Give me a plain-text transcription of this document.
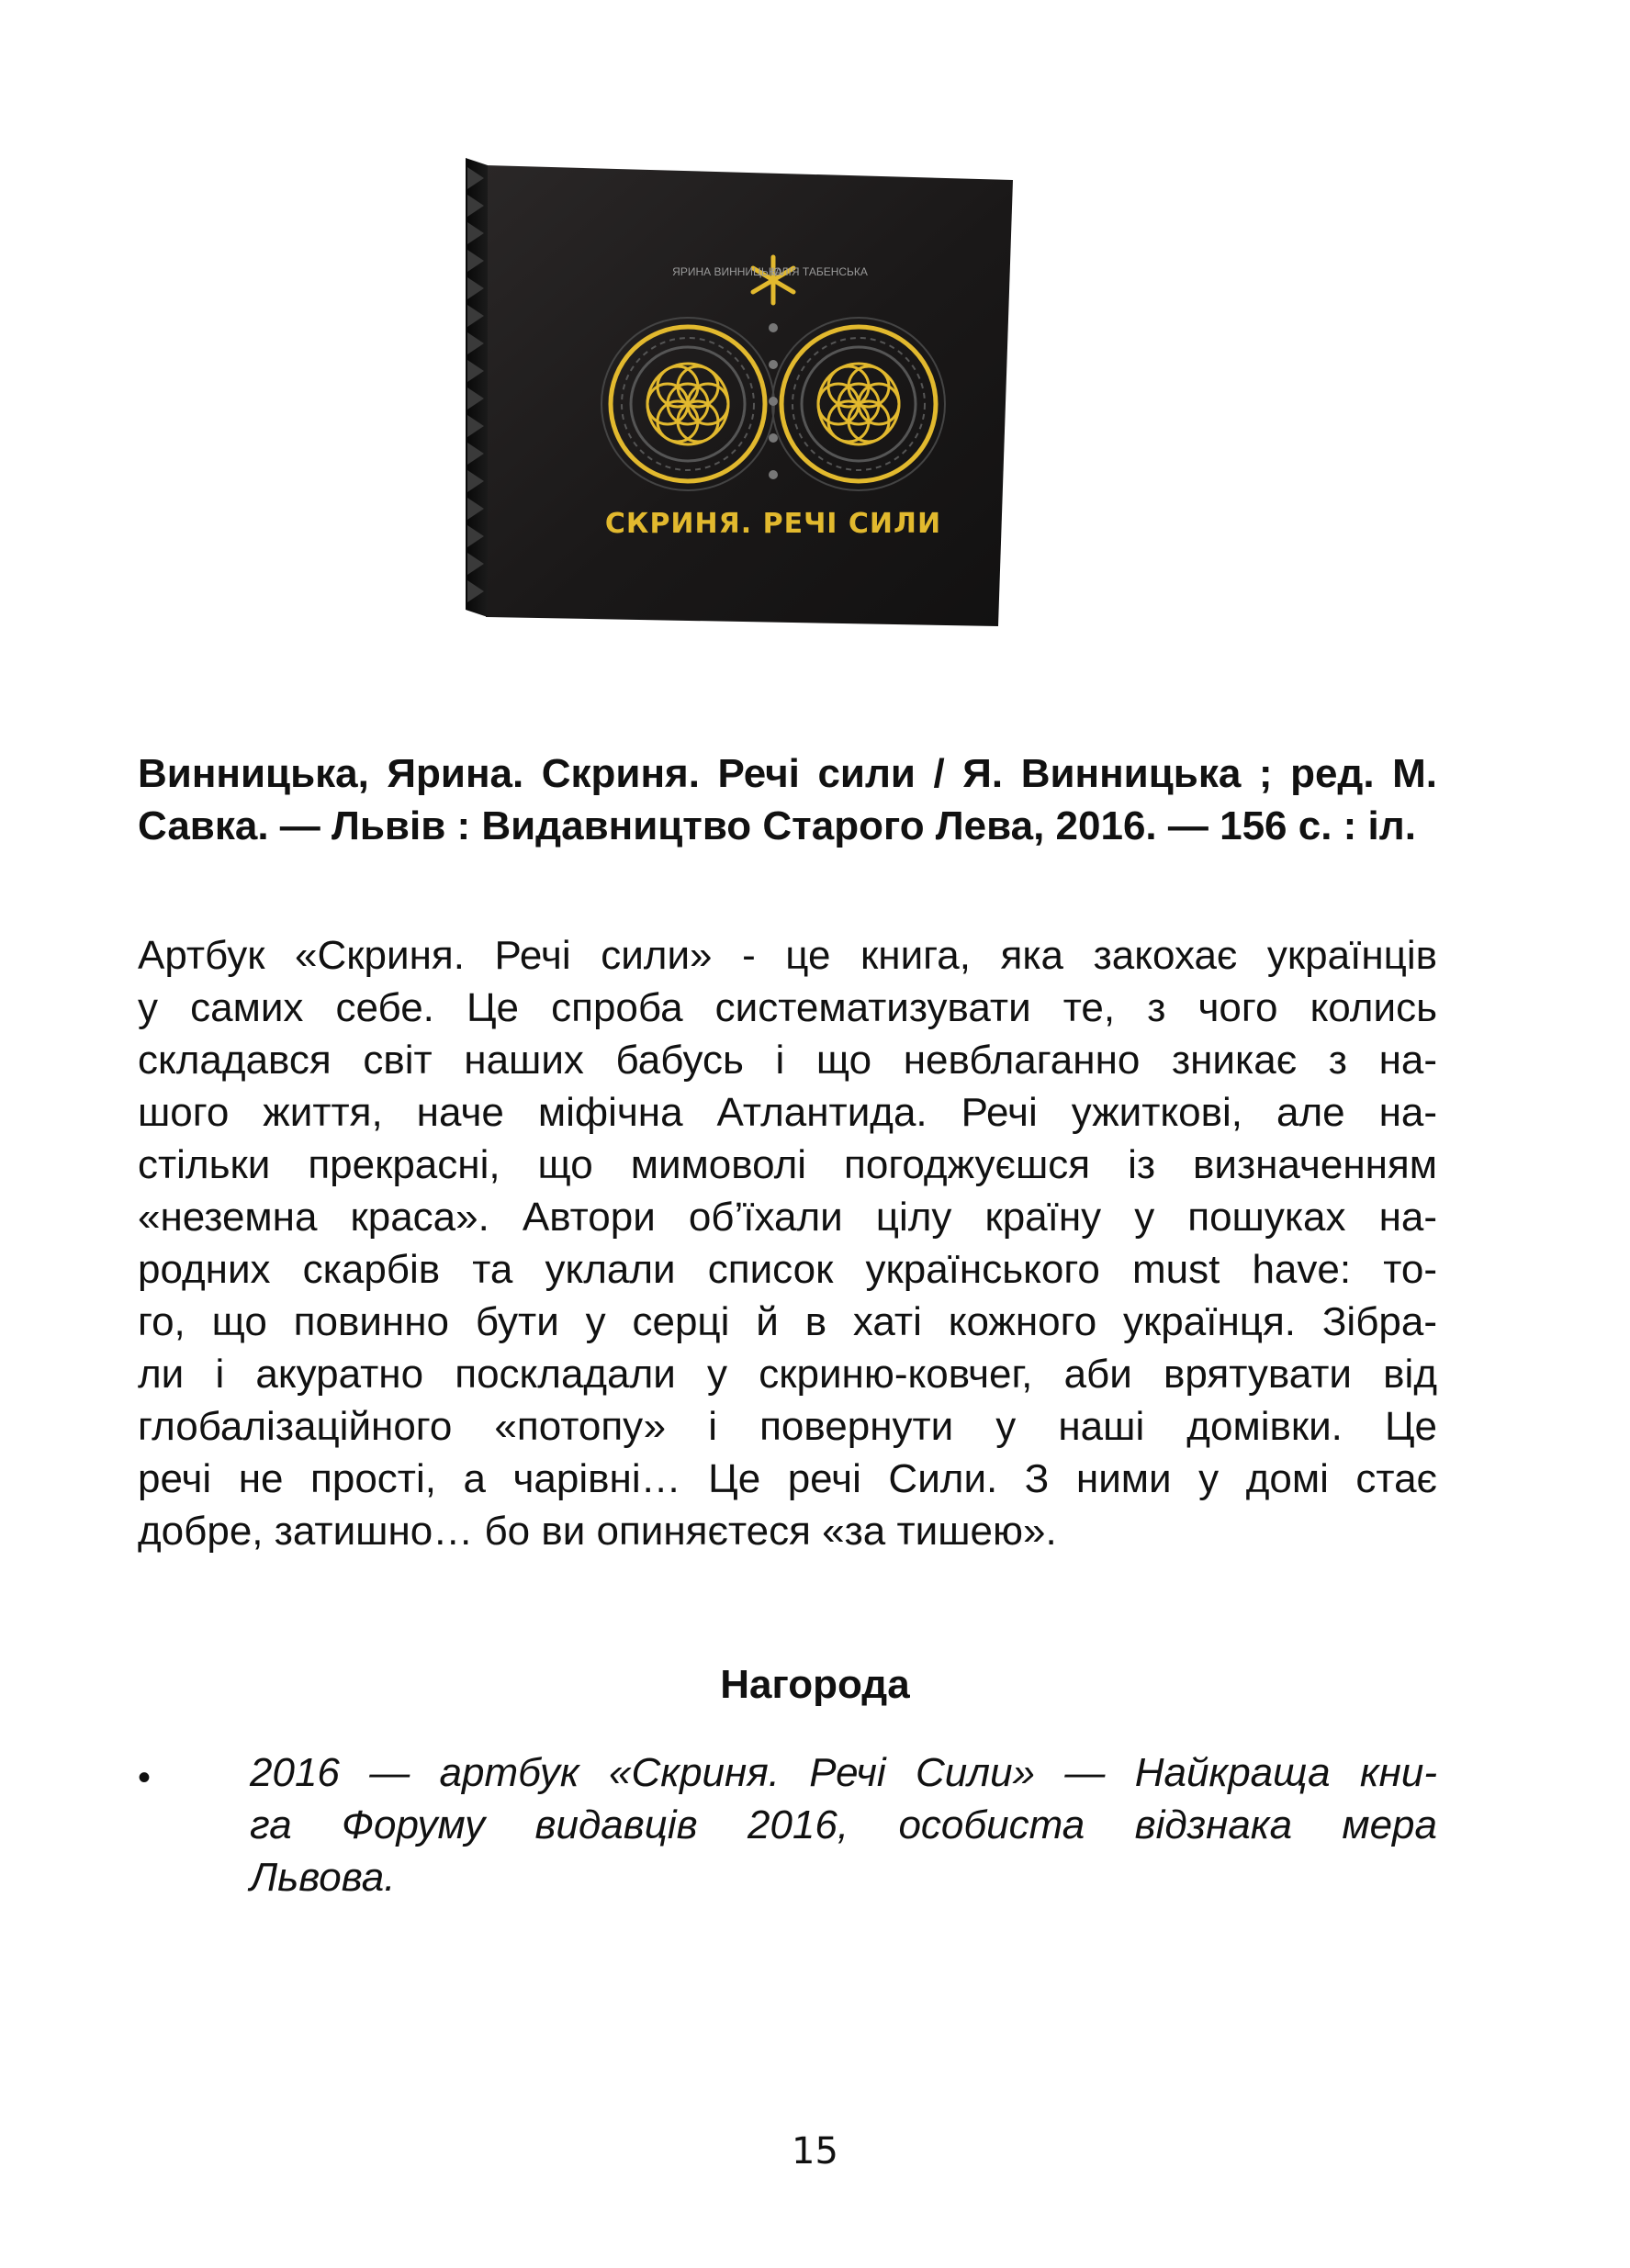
ЯРИНА ВИННИЦЬКА
ЮЛІЯ ТАБЕНСЬКА
СКРИНЯ. РЕЧІ СИЛИ

Винницька, Ярина. Скриня. Речі сили / Я. Винницька ; ред. М. Савка. — Львів : Видавництво Старого Лева, 2016. — 156 с. : іл.

Артбук «Скриня. Речі сили» - це книга, яка закохає українців
у самих себе. Це спроба систематизувати те, з чого колись
складався світ наших бабусь і що невблаганно зникає з на-
шого життя, наче міфічна Атлантида. Речі ужиткові, але на-
стільки прекрасні, що мимоволі погоджуєшся із визначенням
«неземна краса». Автори об’їхали цілу країну у пошуках на-
родних скарбів та уклали список українського must have: то-
го, що повинно бути у серці й в хаті кожного українця. Зібра-
ли і акуратно поскладали у скриню-ковчег, аби врятувати від
глобалізаційного «потопу» і повернути у наші домівки. Це
речі не прості, а чарівні… Це речі Сили. З ними у домі стає
добре, затишно… бо ви опиняєтеся «за тишею».

Нагорода
• 2016 — артбук «Скриня. Речі Сили» — Найкраща кни-
га Форуму видавців 2016, особиста відзнака мера
Львова.

15
